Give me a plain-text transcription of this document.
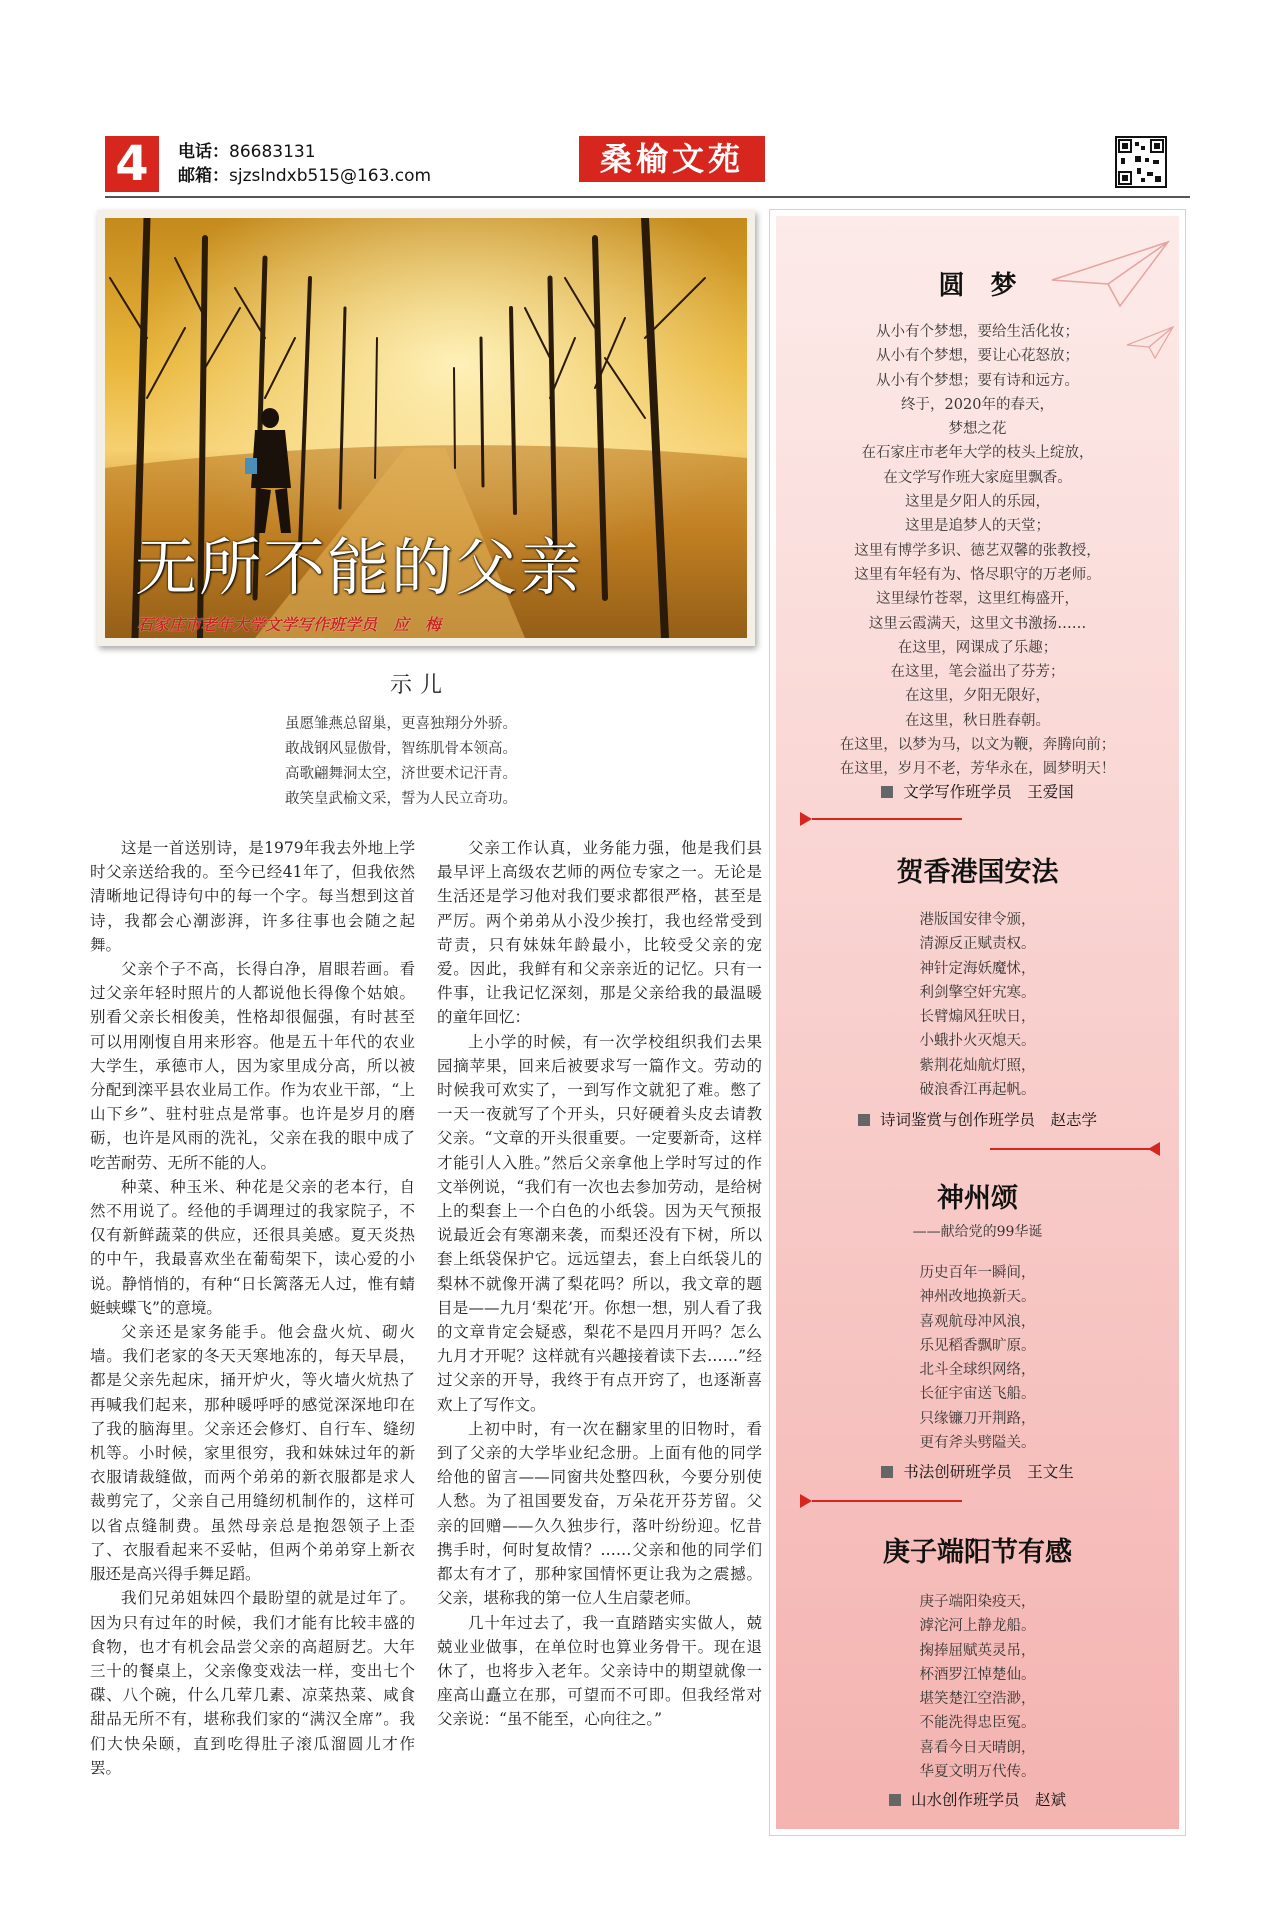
4	电话：86683131
邮箱：sjzslndxb515@163.com	桑榆文苑
无所不能的父亲
石家庄市老年大学文学写作班学员　应　梅
示儿
虽愿雏燕总留巢，更喜独翔分外骄。
敢战钢风显傲骨，智练肌骨本领高。
高歌翩舞洞太空，济世要术记汗青。
敢笑皇武榆文采，誓为人民立奇功。

这是一首送别诗，是1979年我去外地上学时父亲送给我的。至今已经41年了，但我依然清晰地记得诗句中的每一个字。每当想到这首诗，我都会心潮澎湃，许多往事也会随之起舞。

父亲个子不高，长得白净，眉眼若画。看过父亲年轻时照片的人都说他长得像个姑娘。别看父亲长相俊美，性格却很倔强，有时甚至可以用刚愎自用来形容。他是五十年代的农业大学生，承德市人，因为家里成分高，所以被分配到滦平县农业局工作。作为农业干部，“上山下乡”、驻村驻点是常事。也许是岁月的磨砺，也许是风雨的洗礼，父亲在我的眼中成了吃苦耐劳、无所不能的人。

种菜、种玉米、种花是父亲的老本行，自然不用说了。经他的手调理过的我家院子，不仅有新鲜蔬菜的供应，还很具美感。夏天炎热的中午，我最喜欢坐在葡萄架下，读心爱的小说。静悄悄的，有种“日长篱落无人过，惟有蜻蜓蛱蝶飞”的意境。

父亲还是家务能手。他会盘火炕、砌火墙。我们老家的冬天天寒地冻的，每天早晨，都是父亲先起床，捅开炉火，等火墙火炕热了再喊我们起来，那种暖呼呼的感觉深深地印在了我的脑海里。父亲还会修灯、自行车、缝纫机等。小时候，家里很穷，我和妹妹过年的新衣服请裁缝做，而两个弟弟的新衣服都是求人裁剪完了，父亲自己用缝纫机制作的，这样可以省点缝制费。虽然母亲总是抱怨领子上歪了、衣服看起来不妥帖，但两个弟弟穿上新衣服还是高兴得手舞足蹈。

我们兄弟姐妹四个最盼望的就是过年了。因为只有过年的时候，我们才能有比较丰盛的食物，也才有机会品尝父亲的高超厨艺。大年三十的餐桌上，父亲像变戏法一样，变出七个碟、八个碗，什么几荤几素、凉菜热菜、咸食甜品无所不有，堪称我们家的“满汉全席”。我们大快朵颐，直到吃得肚子滚瓜溜圆儿才作罢。

父亲工作认真，业务能力强，他是我们县最早评上高级农艺师的两位专家之一。无论是生活还是学习他对我们要求都很严格，甚至是严厉。两个弟弟从小没少挨打，我也经常受到苛责，只有妹妹年龄最小，比较受父亲的宠爱。因此，我鲜有和父亲亲近的记忆。只有一件事，让我记忆深刻，那是父亲给我的最温暖的童年回忆：

上小学的时候，有一次学校组织我们去果园摘苹果，回来后被要求写一篇作文。劳动的时候我可欢实了，一到写作文就犯了难。憋了一天一夜就写了个开头，只好硬着头皮去请教父亲。“文章的开头很重要。一定要新奇，这样才能引人入胜。”然后父亲拿他上学时写过的作文举例说，“我们有一次也去参加劳动，是给树上的梨套上一个白色的小纸袋。因为天气预报说最近会有寒潮来袭，而梨还没有下树，所以套上纸袋保护它。远远望去，套上白纸袋儿的梨林不就像开满了梨花吗？所以，我文章的题目是——九月‘梨花’开。你想一想，别人看了我的文章肯定会疑惑，梨花不是四月开吗？怎么九月才开呢？这样就有兴趣接着读下去……”经过父亲的开导，我终于有点开窍了，也逐渐喜欢上了写作文。

上初中时，有一次在翻家里的旧物时，看到了父亲的大学毕业纪念册。上面有他的同学给他的留言——同窗共处整四秋，今要分别使人愁。为了祖国要发奋，万朵花开芬芳留。父亲的回赠——久久独步行，落叶纷纷迎。忆昔携手时，何时复故情？……父亲和他的同学们都太有才了，那种家国情怀更让我为之震撼。父亲，堪称我的第一位人生启蒙老师。

几十年过去了，我一直踏踏实实做人，兢兢业业做事，在单位时也算业务骨干。现在退休了，也将步入老年。父亲诗中的期望就像一座高山矗立在那，可望而不可即。但我经常对父亲说：“虽不能至，心向往之。”

圆　梦
从小有个梦想，要给生活化妆；
从小有个梦想，要让心花怒放；
从小有个梦想；要有诗和远方。
终于，2020年的春天，
梦想之花
在石家庄市老年大学的枝头上绽放，
在文学写作班大家庭里飘香。
这里是夕阳人的乐园，
这里是追梦人的天堂；
这里有博学多识、德艺双馨的张教授，
这里有年轻有为、恪尽职守的万老师。
这里绿竹苍翠，这里红梅盛开，
这里云霞满天，这里文书激扬……
在这里，网课成了乐趣；
在这里，笔会溢出了芬芳；
在这里，夕阳无限好，
在这里，秋日胜春朝。
在这里，以梦为马，以文为鞭，奔腾向前；
在这里，岁月不老，芳华永在，圆梦明天！
文学写作班学员　王爱国
贺香港国安法
港版国安律令颁，
清源反正赋责权。
神针定海妖魔怵，
利剑擎空奸宄寒。
长臂煽风狂吠日，
小蛾扑火灭熄天。
紫荆花灿航灯照，
破浪香江再起帆。
诗词鉴赏与创作班学员　赵志学
神州颂
——献给党的99华诞
历史百年一瞬间，
神州改地换新天。
喜观航母冲风浪，
乐见稻香飘旷原。
北斗全球织网络，
长征宇宙送飞船。
只缘镰刀开荆路，
更有斧头劈隘关。
书法创研班学员　王文生
庚子端阳节有感
庚子端阳染疫天，
滹沱河上静龙船。
掬捧屈赋英灵吊，
杯酒罗江悼楚仙。
堪笑楚江空浩渺，
不能洗得忠臣冤。
喜看今日天晴朗，
华夏文明万代传。
山水创作班学员　赵斌
